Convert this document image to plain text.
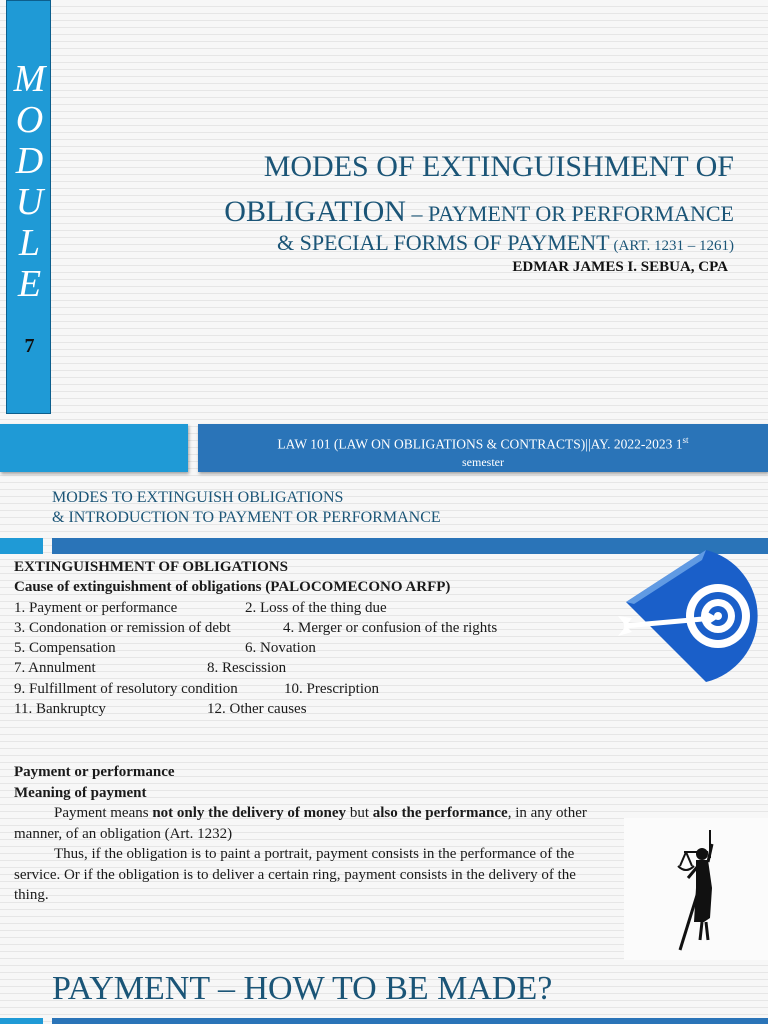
M
O
D
U
L
E
7
MODES OF EXTINGUISHMENT OF
OBLIGATION – PAYMENT OR PERFORMANCE
& SPECIAL FORMS OF PAYMENT (ART. 1231 – 1261)
EDMAR JAMES I. SEBUA, CPA
LAW 101 (LAW ON OBLIGATIONS & CONTRACTS)||AY. 2022-2023 1st
semester
MODES TO EXTINGUISH OBLIGATIONS
& INTRODUCTION TO PAYMENT OR PERFORMANCE
EXTINGUISHMENT OF OBLIGATIONS
Cause of extinguishment of obligations (PALOCOMECONO ARFP)
1. Payment or performance	2. Loss of the thing due
3. Condonation or remission of debt	4. Merger or confusion of the rights
5. Compensation	6. Novation
7. Annulment	8. Rescission
9. Fulfillment of resolutory condition	10. Prescription
11. Bankruptcy	12. Other causes
Payment or performance
Meaning of payment
Payment means not only the delivery of money but also the performance, in any other manner, of an obligation (Art. 1232)
Thus, if the obligation is to paint a portrait, payment consists in the performance of the service. Or if the obligation is to deliver a certain ring, payment consists in the delivery of the thing.
PAYMENT – HOW TO BE MADE?
